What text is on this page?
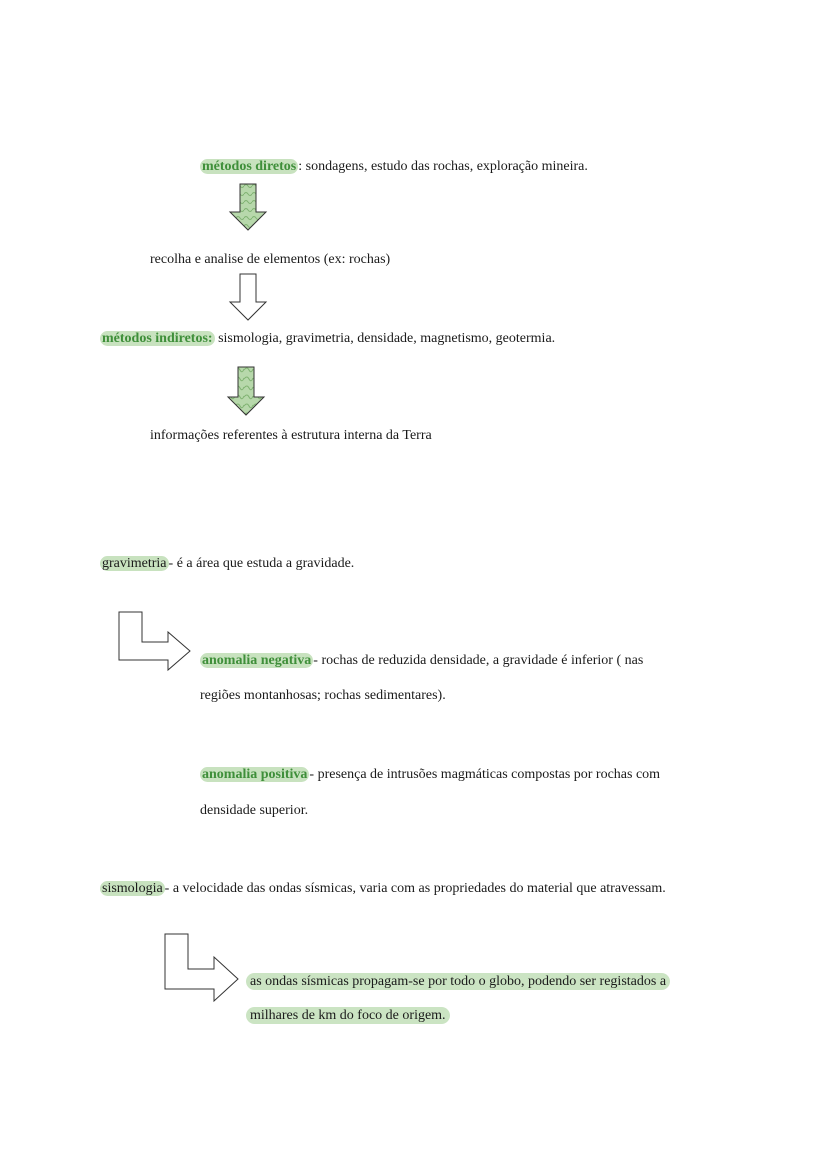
métodos diretos : sondagens, estudo das rochas, exploração mineira.
recolha e analise de elementos (ex: rochas)
métodos indiretos: sismologia, gravimetria, densidade, magnetismo, geotermia.
informações referentes à estrutura interna da Terra
gravimetria - é a área que estuda a gravidade.
anomalia negativa - rochas de reduzida densidade, a gravidade é inferior ( nas
regiões montanhosas; rochas sedimentares).
anomalia positiva - presença de intrusões magmáticas compostas por rochas com
densidade superior.
sismologia - a velocidade das ondas sísmicas, varia com as propriedades do material que atravessam.
as ondas sísmicas propagam-se por todo o globo, podendo ser registados a
milhares de km do foco de origem.
